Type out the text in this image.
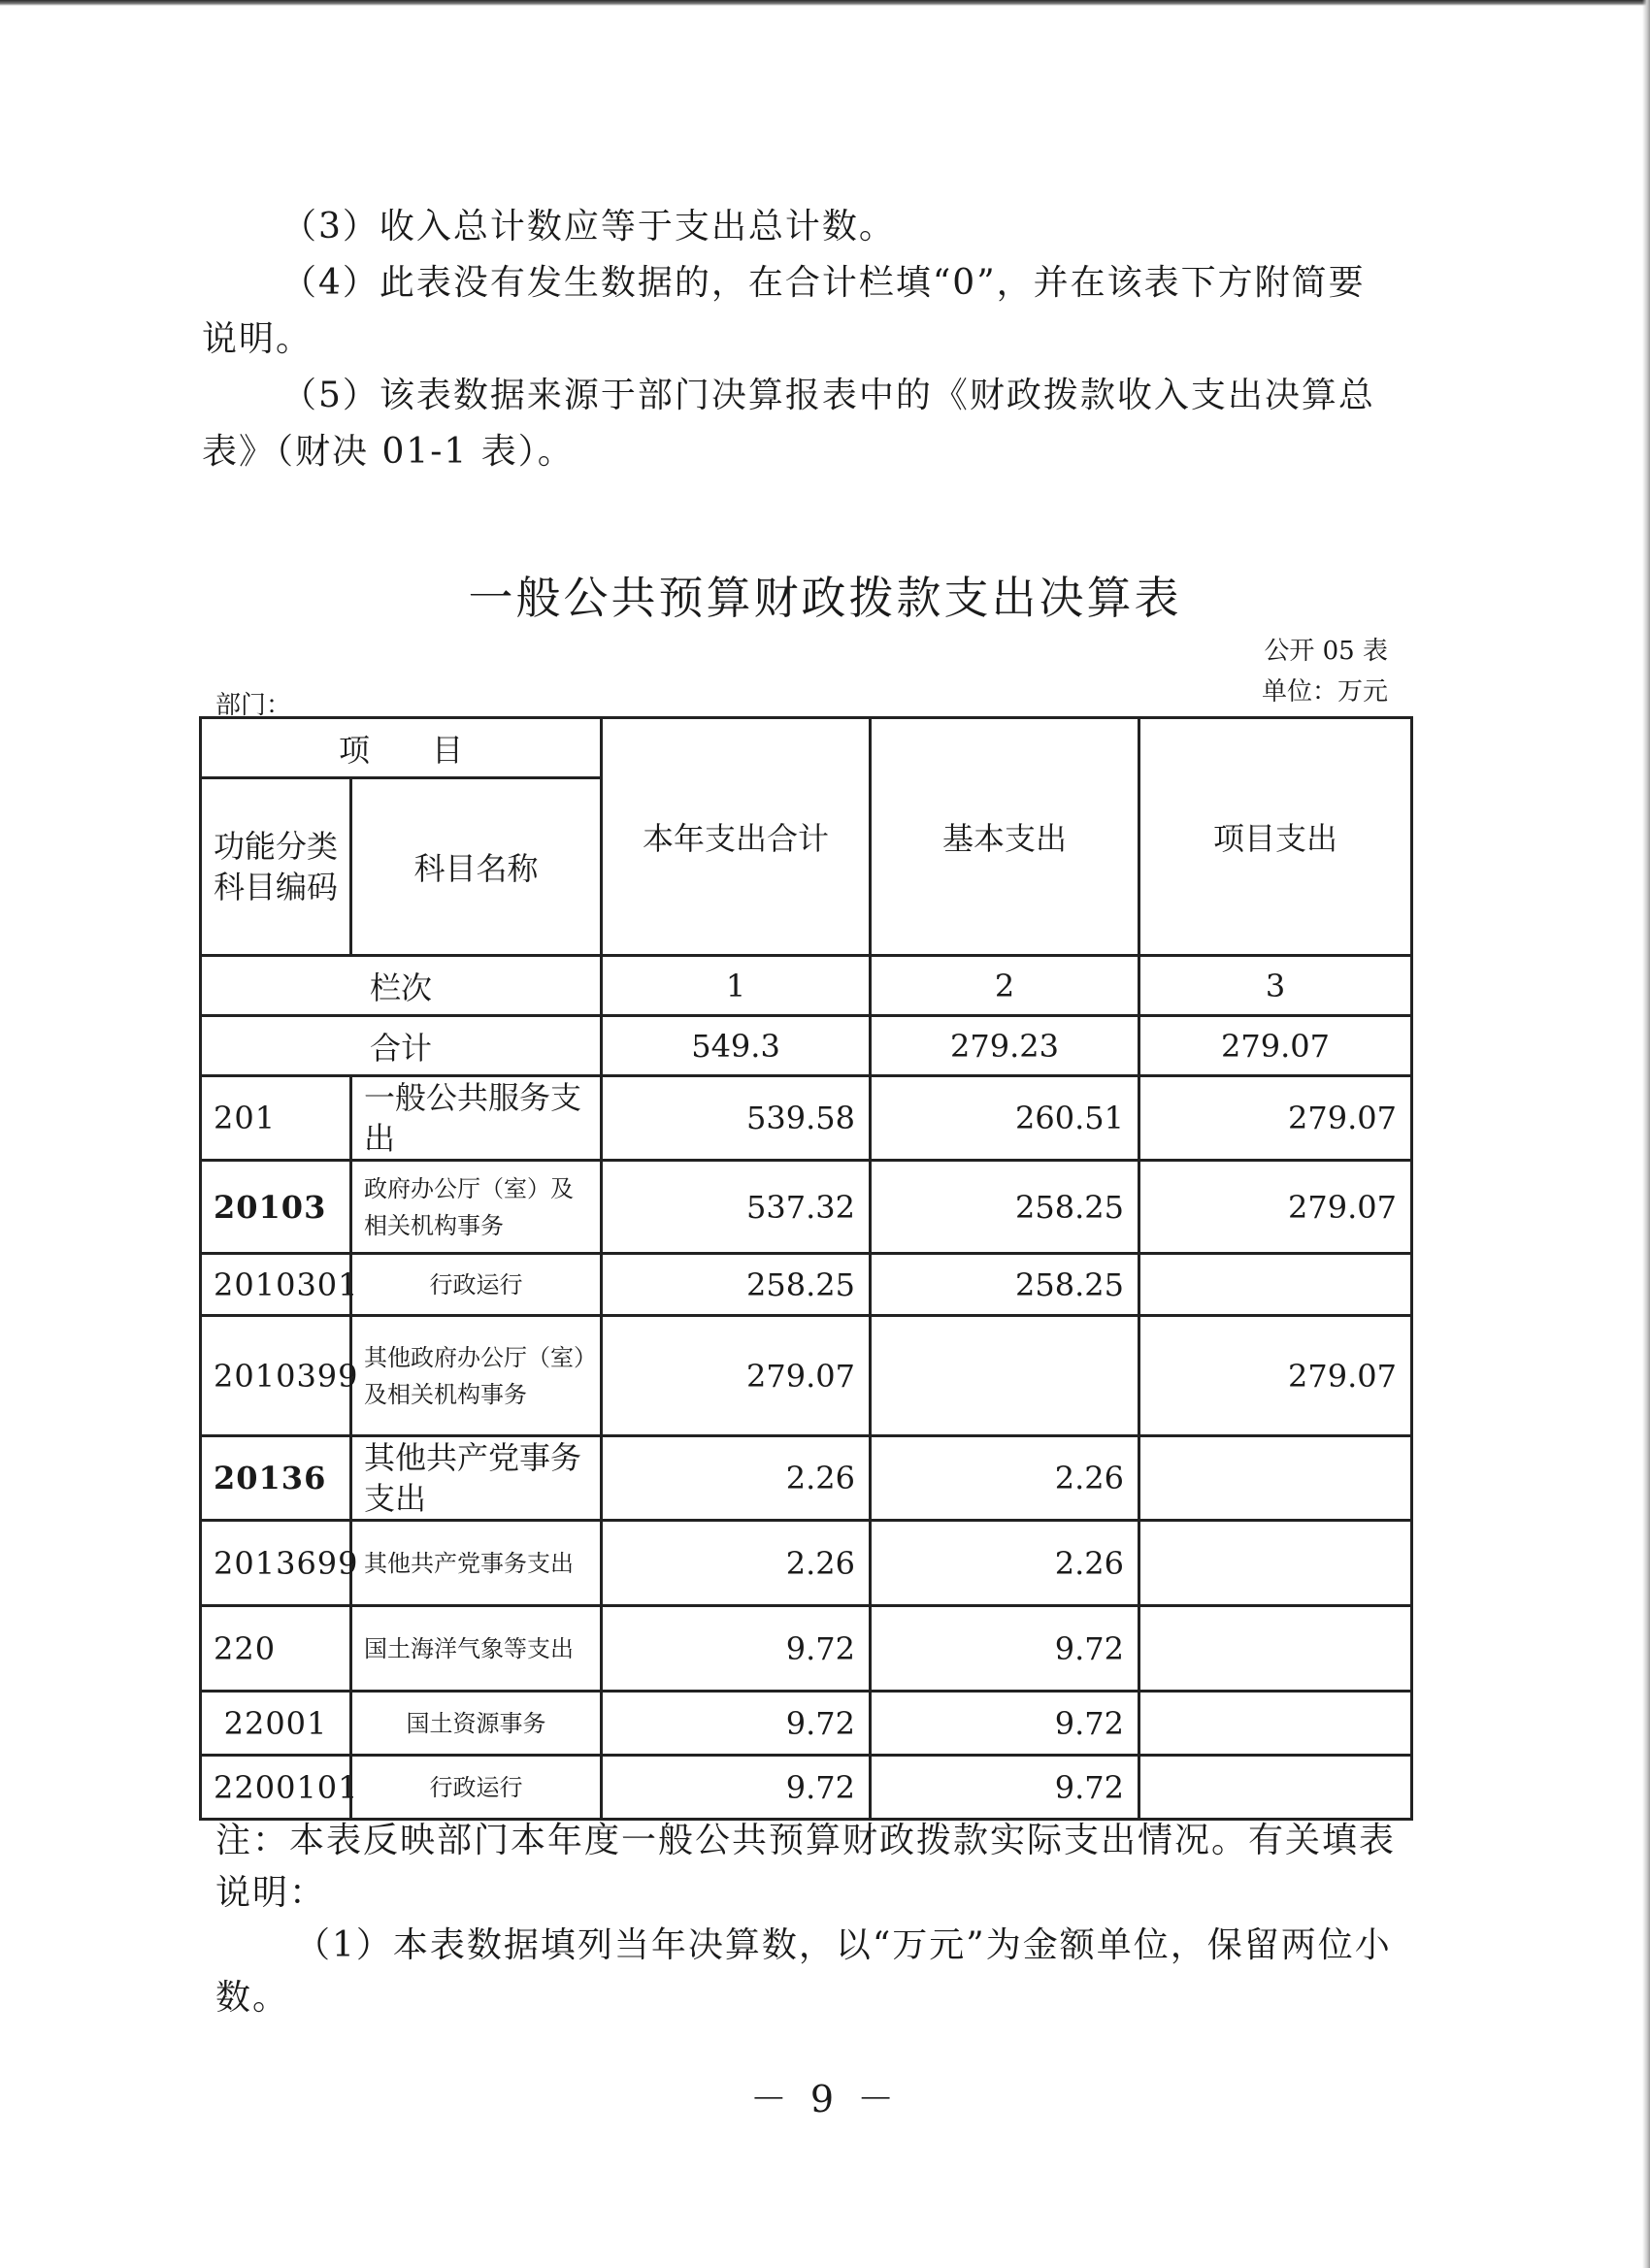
（3）收入总计数应等于支出总计数。

（4）此表没有发生数据的，在合计栏填“0”，并在该表下方附简要说明。

（5）该表数据来源于部门决算报表中的《财政拨款收入支出决算总表》（财决 01-1 表）。

一般公共预算财政拨款支出决算表
公开 05 表
单位：万元
部门：
项　　目		本年支出合计	基本支出	项目支出
功能分类科目编码	科目名称			
栏次		1	2	3
合计		549.3	279.23	279.07
201	一般公共服务支出	539.58	260.51	279.07
20103	政府办公厅（室）及相关机构事务	537.32	258.25	279.07
2010301	行政运行	258.25	258.25	
2010399	其他政府办公厅（室）及相关机构事务	279.07		279.07
20136	其他共产党事务支出	2.26	2.26	
2013699	其他共产党事务支出	2.26	2.26	
220	国土海洋气象等支出	9.72	9.72	
22001	国土资源事务	9.72	9.72	
2200101	行政运行	9.72	9.72	

注：本表反映部门本年度一般公共预算财政拨款实际支出情况。有关填表说明：

（1）本表数据填列当年决算数，以“万元”为金额单位，保留两位小数。

－ 9 －
